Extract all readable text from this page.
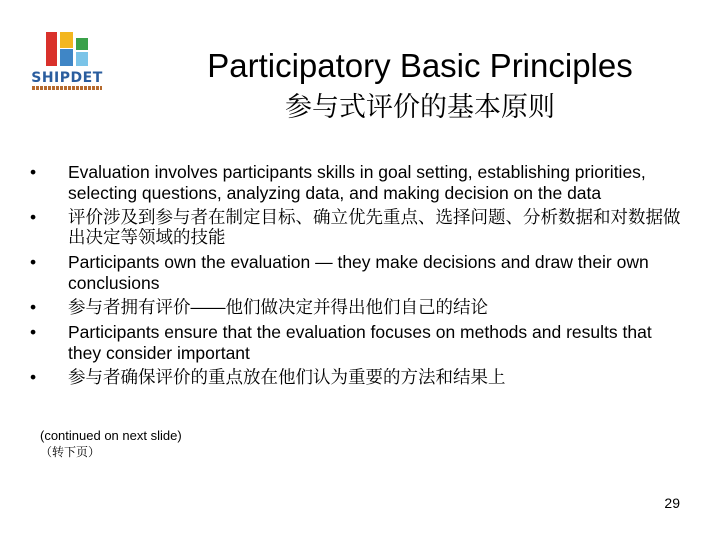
SHIPDET	Participatory Basic Principles
参与式评价的基本原则
• Evaluation involves participants skills in goal setting, establishing priorities, selecting questions, analyzing data, and making decision on the data
• 评价涉及到参与者在制定目标、确立优先重点、选择问题、分析数据和对数据做出决定等领域的技能
• Participants own the evaluation — they make decisions and draw their own conclusions
• 参与者拥有评价——他们做决定并得出他们自己的结论
• Participants ensure that the evaluation focuses on methods and results that they consider important
• 参与者确保评价的重点放在他们认为重要的方法和结果上
(continued on next slide)
（转下页）
29
